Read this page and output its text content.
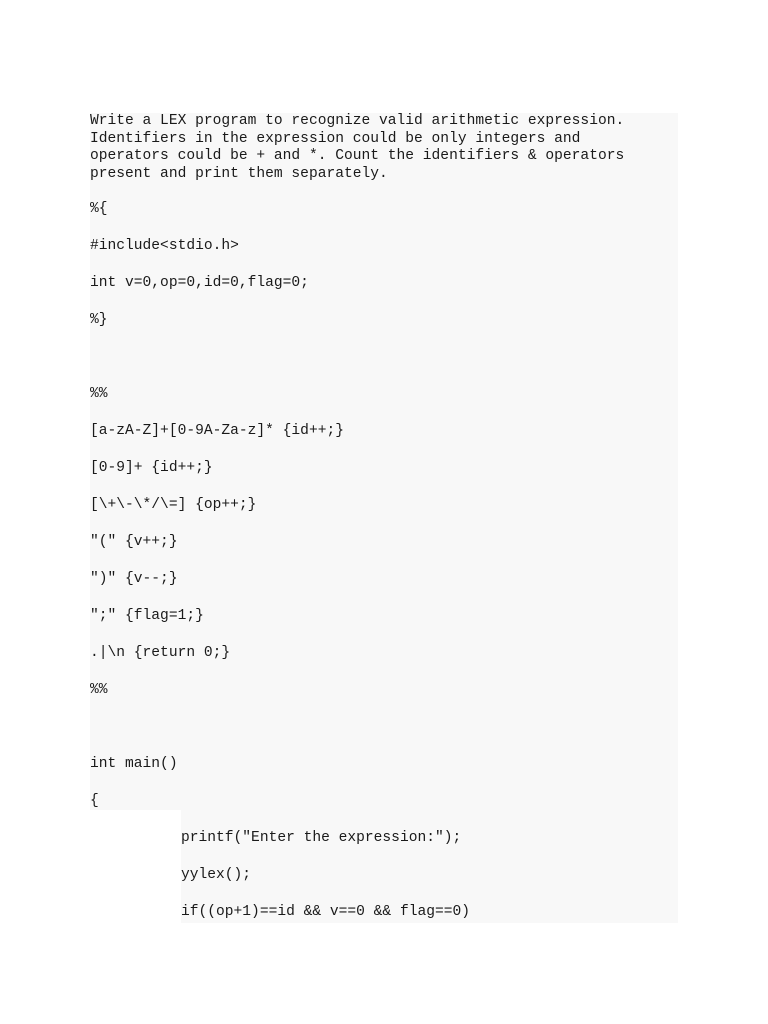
Write a LEX program to recognize valid arithmetic expression.
Identifiers in the expression could be only integers and
operators could be + and *. Count the identifiers & operators
present and print them separately.
%{
#include<stdio.h>
int v=0,op=0,id=0,flag=0;
%}
%%
[a-zA-Z]+[0-9A-Za-z]* {id++;}
[0-9]+ {id++;}
[\+\-\*/\=] {op++;}
"(" {v++;}
")" {v--;}
";" {flag=1;}
.|\n {return 0;}
%%
int main()
{
printf("Enter the expression:");
yylex();
if((op+1)==id && v==0 && flag==0)
